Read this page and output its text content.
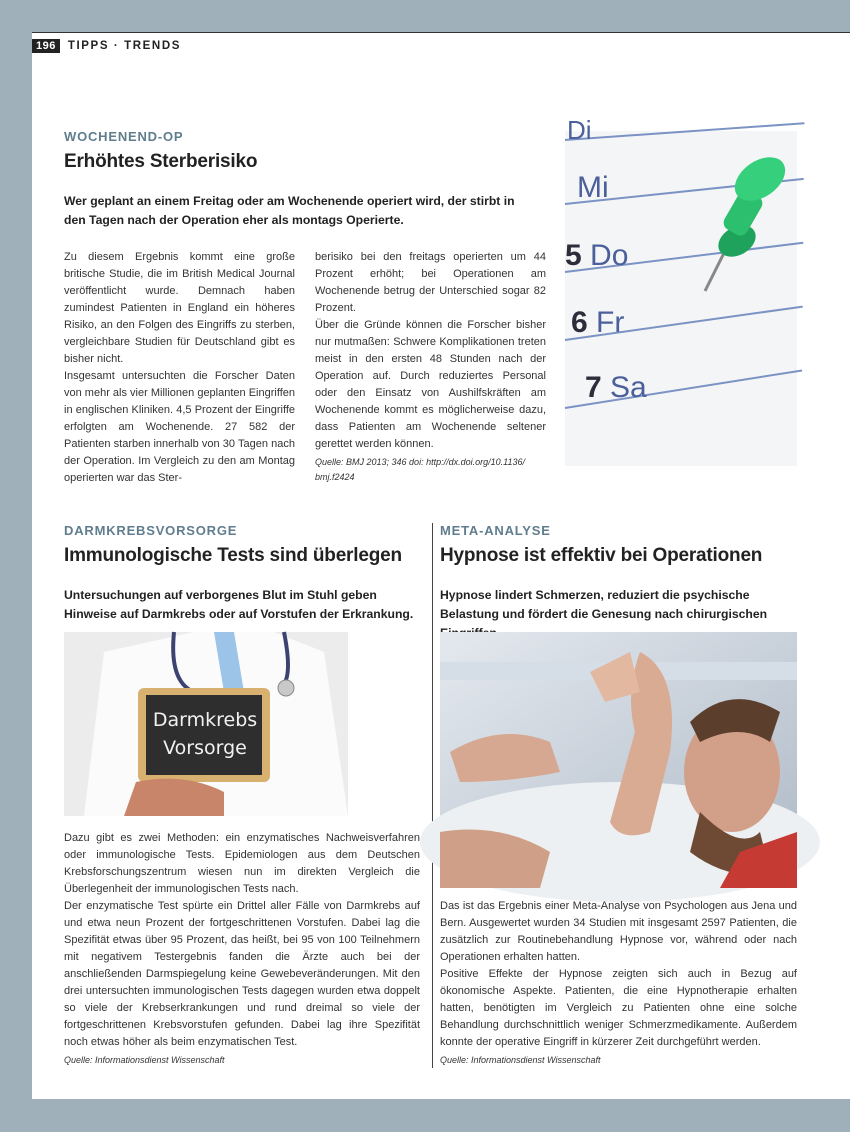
196	TIPPS · TRENDS
WOCHENEND-OP
Erhöhtes Sterberisiko
Wer geplant an einem Freitag oder am Wochenende operiert wird, der stirbt in den Tagen nach der Operation eher als montags Operierte.

Zu diesem Ergebnis kommt eine große britische Studie, die im British Medical Journal veröffentlicht wurde. Demnach haben zumindest Patienten in England ein höheres Risiko, an den Folgen des Eingriffs zu sterben, vergleichbare Studien für Deutschland gibt es bisher nicht.

Insgesamt untersuchten die Forscher Daten von mehr als vier Millionen geplanten Eingriffen in englischen Kliniken. 4,5 Prozent der Eingriffe erfolgten am Wochenende. 27 582 der Patienten starben innerhalb von 30 Tagen nach der Operation. Im Vergleich zu den am Montag operierten war das Ster-

berisiko bei den freitags operierten um 44 Prozent erhöht; bei Operationen am Wochenende betrug der Unterschied sogar 82 Prozent.

Über die Gründe können die Forscher bisher nur mutmaßen: Schwere Komplikationen treten meist in den ersten 48 Stunden nach der Operation auf. Durch reduziertes Personal oder den Einsatz von Aushilfskräften am Wochenende kommt es möglicherweise dazu, dass Patienten am Wochenende seltener gerettet werden können.

Quelle: BMJ 2013; 346 doi: http://dx.doi.org/10.1136/ bmj.f2424
Di
Mi
5 Do
6 Fr
7 Sa
DARMKREBSVORSORGE
Immunologische Tests sind überlegen
Untersuchungen auf verborgenes Blut im Stuhl geben Hinweise auf Darmkrebs oder auf Vorstufen der Erkrankung.
Darmkrebs
Vorsorge

Dazu gibt es zwei Methoden: ein enzymatisches Nachweisverfahren oder immunologische Tests. Epidemiologen aus dem Deutschen Krebsforschungszentrum wiesen nun im direkten Vergleich die Überlegenheit der immunologischen Tests nach.

Der enzymatische Test spürte ein Drittel aller Fälle von Darmkrebs auf und etwa neun Prozent der fortgeschrittenen Vorstufen. Dabei lag die Spezifität etwas über 95 Prozent, das heißt, bei 95 von 100 Teilnehmern mit negativem Testergebnis fanden die Ärzte auch bei der anschließenden Darmspiegelung keine Gewebeveränderungen. Mit den drei untersuchten immunologischen Tests dagegen wurden etwa doppelt so viele der Krebserkrankungen und rund dreimal so viele der fortgeschrittenen Krebsvorstufen gefunden. Dabei lag ihre Spezifität noch etwas höher als beim enzymatischen Test.

Quelle: Informationsdienst Wissenschaft
META-ANALYSE
Hypnose ist effektiv bei Operationen
Hypnose lindert Schmerzen, reduziert die psychische Belastung und fördert die Genesung nach chirurgischen

Das ist das Ergebnis einer Meta-Analyse von Psychologen aus Jena und Bern. Ausgewertet wurden 34 Studien mit insgesamt 2597 Patienten, die zusätzlich zur Routinebehandlung Hypnose vor, während oder nach Operationen erhalten hatten.

Positive Effekte der Hypnose zeigten sich auch in Bezug auf ökonomische Aspekte. Patienten, die eine Hypnotherapie erhalten hatten, benötigten im Vergleich zu Patienten ohne eine solche Behandlung durchschnittlich weniger Schmerzmedikamente. Außerdem konnte der operative Eingriff in kürzerer Zeit durchgeführt werden.

Quelle: Informationsdienst Wissenschaft
